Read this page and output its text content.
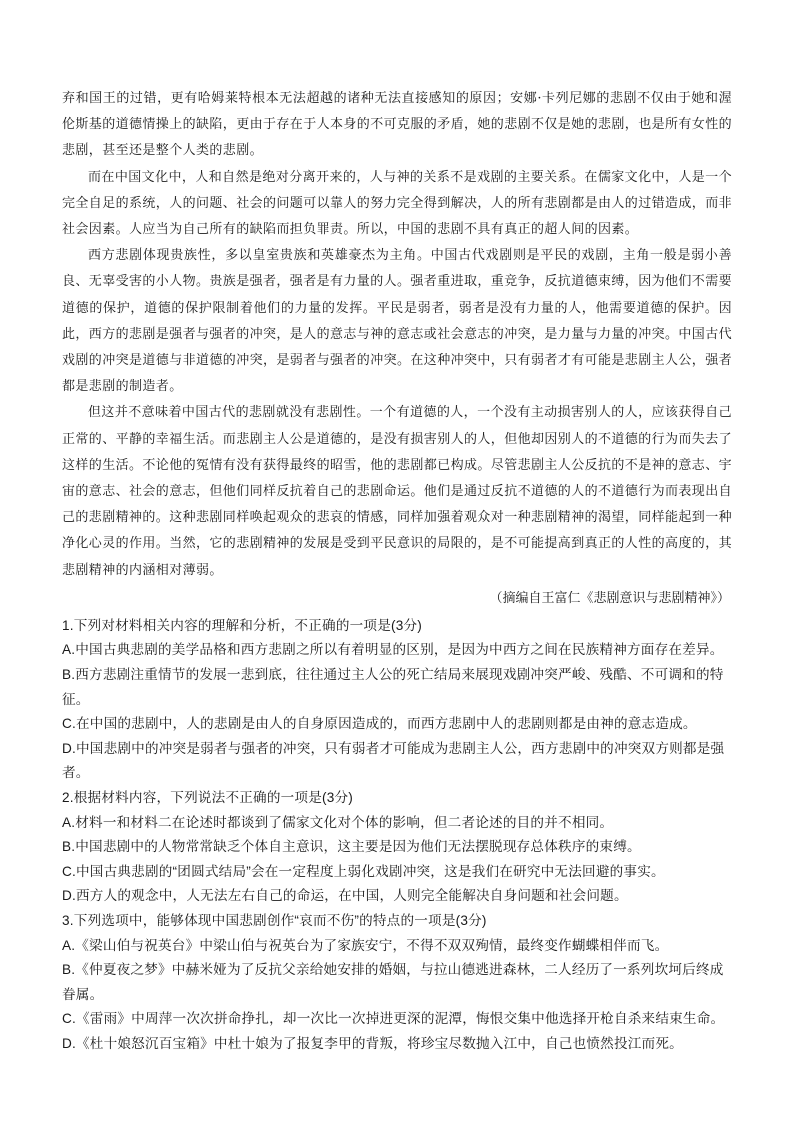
弃和国王的过错，更有哈姆莱特根本无法超越的诸种无法直接感知的原因；安娜·卡列尼娜的悲剧不仅由于她和渥伦斯基的道德情操上的缺陷，更由于存在于人本身的不可克服的矛盾，她的悲剧不仅是她的悲剧，也是所有女性的悲剧，甚至还是整个人类的悲剧。

而在中国文化中，人和自然是绝对分离开来的，人与神的关系不是戏剧的主要关系。在儒家文化中，人是一个完全自足的系统，人的问题、社会的问题可以靠人的努力完全得到解决，人的所有悲剧都是由人的过错造成，而非社会因素。人应当为自己所有的缺陷而担负罪责。所以，中国的悲剧不具有真正的超人间的因素。

西方悲剧体现贵族性，多以皇室贵族和英雄豪杰为主角。中国古代戏剧则是平民的戏剧，主角一般是弱小善良、无辜受害的小人物。贵族是强者，强者是有力量的人。强者重进取，重竞争，反抗道德束缚，因为他们不需要道德的保护，道德的保护限制着他们的力量的发挥。平民是弱者，弱者是没有力量的人，他需要道德的保护。因此，西方的悲剧是强者与强者的冲突，是人的意志与神的意志或社会意志的冲突，是力量与力量的冲突。中国古代戏剧的冲突是道德与非道德的冲突，是弱者与强者的冲突。在这种冲突中，只有弱者才有可能是悲剧主人公，强者都是悲剧的制造者。

但这并不意味着中国古代的悲剧就没有悲剧性。一个有道德的人，一个没有主动损害别人的人，应该获得自己正常的、平静的幸福生活。而悲剧主人公是道德的，是没有损害别人的人，但他却因别人的不道德的行为而失去了这样的生活。不论他的冤情有没有获得最终的昭雪，他的悲剧都已构成。尽管悲剧主人公反抗的不是神的意志、宇宙的意志、社会的意志，但他们同样反抗着自己的悲剧命运。他们是通过反抗不道德的人的不道德行为而表现出自己的悲剧精神的。这种悲剧同样唤起观众的悲哀的情感，同样加强着观众对一种悲剧精神的渴望，同样能起到一种净化心灵的作用。当然，它的悲剧精神的发展是受到平民意识的局限的，是不可能提高到真正的人性的高度的，其悲剧精神的内涵相对薄弱。

（摘编自王富仁《悲剧意识与悲剧精神》）

1.下列对材料相关内容的理解和分析，不正确的一项是(3分)

A.中国古典悲剧的美学品格和西方悲剧之所以有着明显的区别，是因为中西方之间在民族精神方面存在差异。

B.西方悲剧注重情节的发展一悲到底，往往通过主人公的死亡结局来展现戏剧冲突严峻、残酷、不可调和的特征。

C.在中国的悲剧中，人的悲剧是由人的自身原因造成的，而西方悲剧中人的悲剧则都是由神的意志造成。

D.中国悲剧中的冲突是弱者与强者的冲突，只有弱者才可能成为悲剧主人公，西方悲剧中的冲突双方则都是强者。

2.根据材料内容，下列说法不正确的一项是(3分)

A.材料一和材料二在论述时都谈到了儒家文化对个体的影响，但二者论述的目的并不相同。

B.中国悲剧中的人物常常缺乏个体自主意识，这主要是因为他们无法摆脱现存总体秩序的束缚。

C.中国古典悲剧的“团圆式结局”会在一定程度上弱化戏剧冲突，这是我们在研究中无法回避的事实。

D.西方人的观念中，人无法左右自己的命运，在中国，人则完全能解决自身问题和社会问题。

3.下列选项中，能够体现中国悲剧创作“哀而不伤”的特点的一项是(3分)

A.《梁山伯与祝英台》中梁山伯与祝英台为了家族安宁，不得不双双殉情，最终变作蝴蝶相伴而飞。

B.《仲夏夜之梦》中赫米娅为了反抗父亲给她安排的婚姻，与拉山德逃进森林，二人经历了一系列坎坷后终成眷属。

C.《雷雨》中周萍一次次拼命挣扎，却一次比一次掉进更深的泥潭，悔恨交集中他选择开枪自杀来结束生命。

D.《杜十娘怒沉百宝箱》中杜十娘为了报复李甲的背叛，将珍宝尽数抛入江中，自己也愤然投江而死。
